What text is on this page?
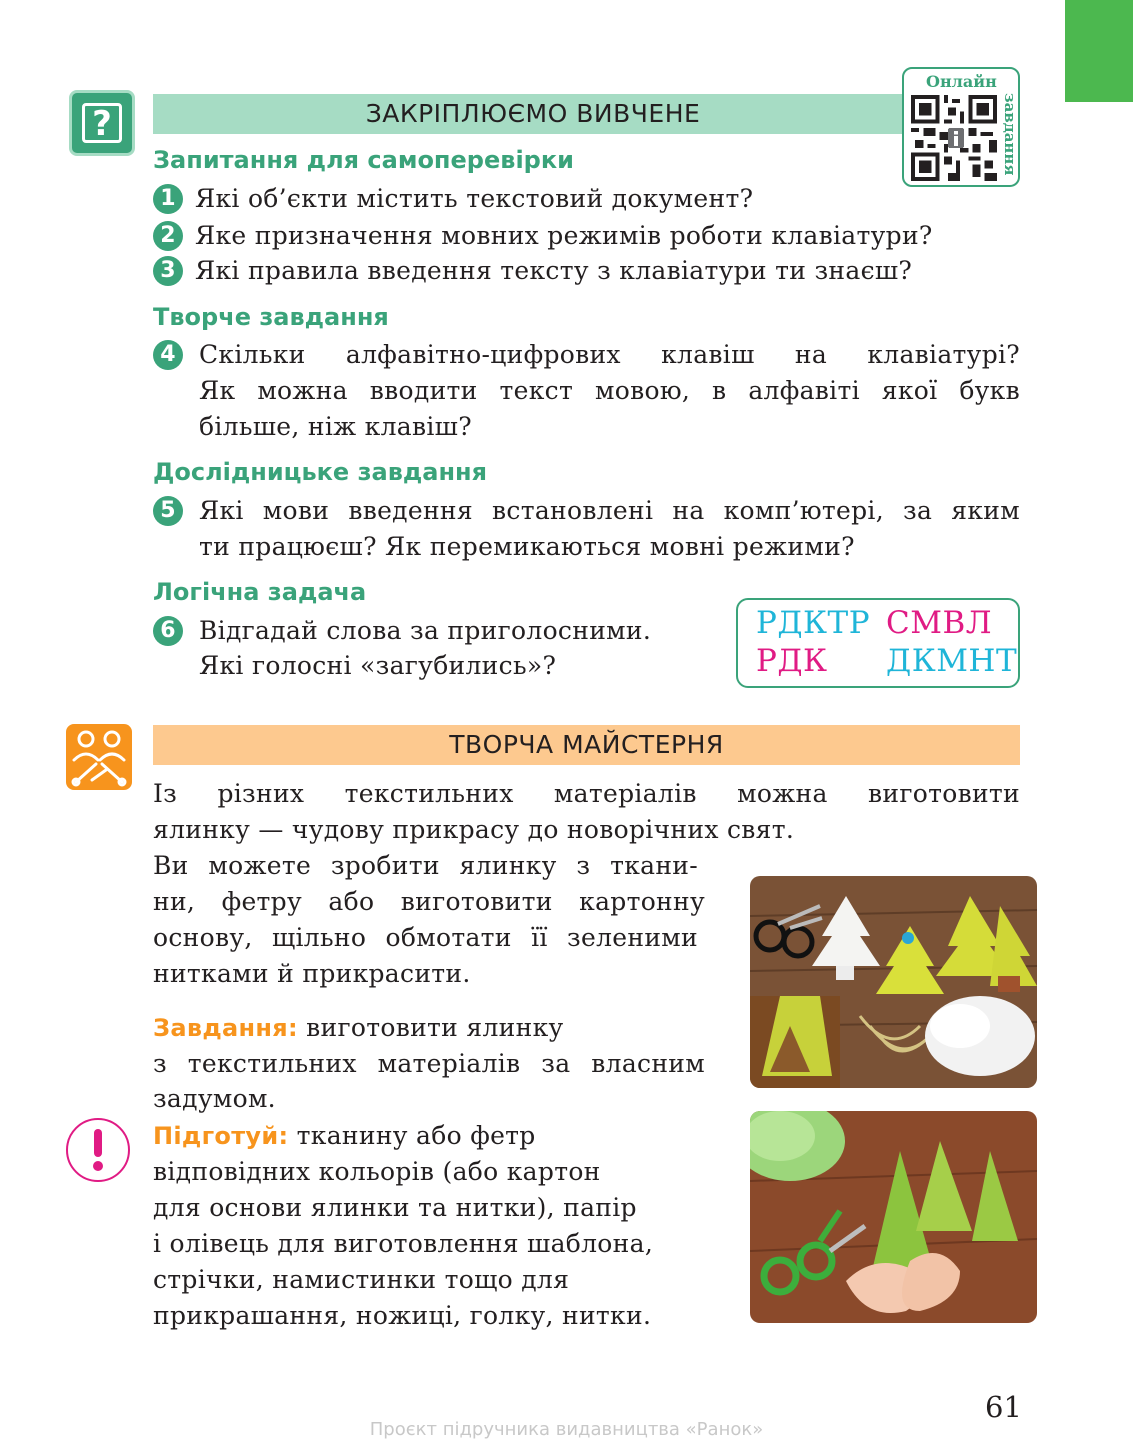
?	ЗАКРІПЛЮЄМО ВИВЧЕНЕ
Онлайн
завдання
Запитання для самоперевірки
1 Які об’єкти містить текстовий документ?
2 Яке призначення мовних режимів роботи клавіатури?
3 Які правила введення тексту з клавіатури ти знаєш?
Творче завдання
4 Скільки алфавітно-цифрових клавіш на клавіатурі?
Як можна вводити текст мовою, в алфавіті якої букв
більше, ніж клавіш?
Дослідницьке завдання
5 Які мови введення встановлені на комп’ютері, за яким
ти працюєш? Як перемикаються мовні режими?
Логічна задача
6 Відгадай слова за приголосними.
Які голосні «загубились»?
РДКТР СМВЛ
РДК ДКМНТ
ТВОРЧА МАЙСТЕРНЯ
Із різних текстильних матеріалів можна виготовити
ялинку — чудову прикрасу до новорічних свят.
Ви можете зробити ялинку з ткани-
ни, фетру або виготовити картонну
основу, щільно обмотати її зеленими
нитками й прикрасити.
Завдання: виготовити ялинку
з текстильних матеріалів за власним
задумом.
Підготуй: тканину або фетр
відповідних кольорів (або картон
для основи ялинки та нитки), папір
і олівець для виготовлення шаблона,
стрічки, намистинки тощо для
прикрашання, ножиці, голку, нитки.
61
Проєкт підручника видавництва «Ранок»
